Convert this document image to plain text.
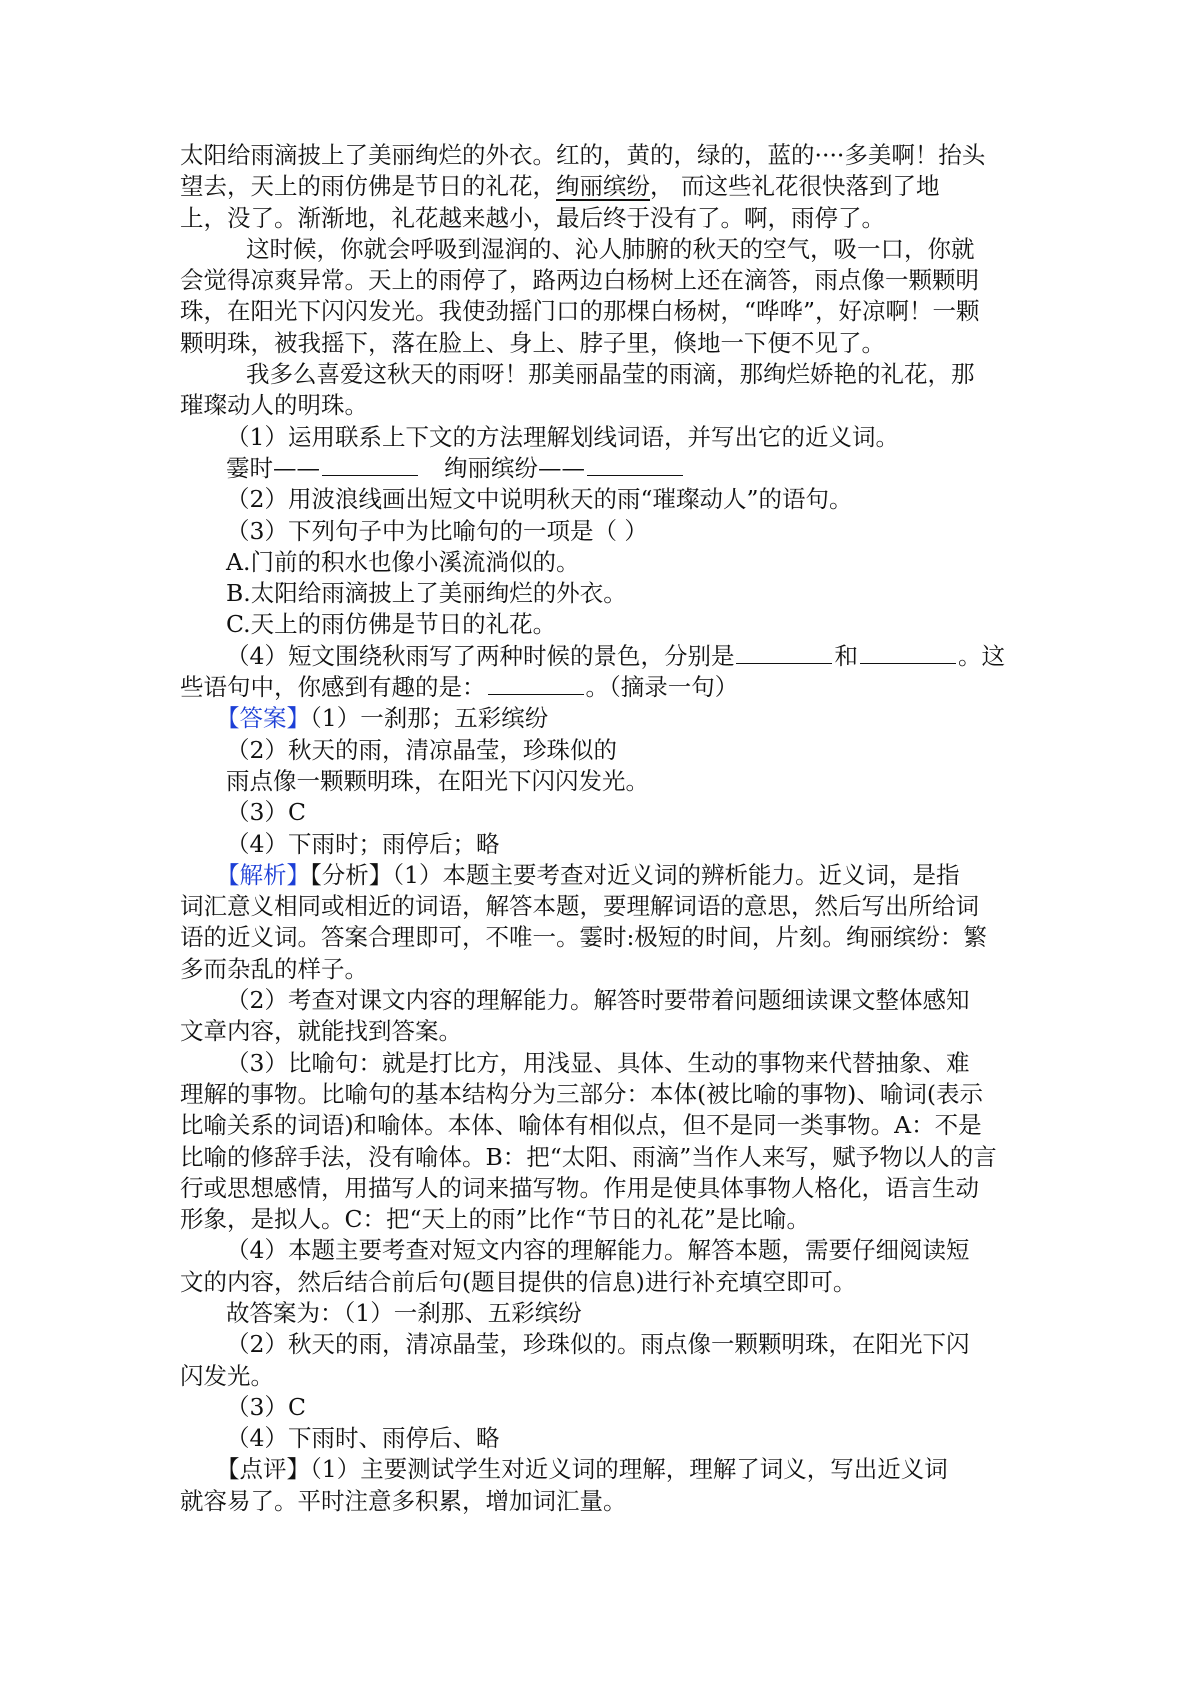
太阳给雨滴披上了美丽绚烂的外衣。红的，黄的，绿的，蓝的····多美啊！抬头

望去，天上的雨仿佛是节日的礼花，绚丽缤纷， 而这些礼花很快落到了地

上，没了。渐渐地，礼花越来越小，最后终于没有了。啊，雨停了。

这时候，你就会呼吸到湿润的、沁人肺腑的秋天的空气，吸一口，你就

会觉得凉爽异常。天上的雨停了，路两边白杨树上还在滴答，雨点像一颗颗明

珠，在阳光下闪闪发光。我使劲摇门口的那棵白杨树，“哗哗”，好凉啊！一颗

颗明珠，被我摇下，落在脸上、身上、脖子里，倏地一下便不见了。

我多么喜爱这秋天的雨呀！那美丽晶莹的雨滴，那绚烂娇艳的礼花，那

璀璨动人的明珠。

（1）运用联系上下文的方法理解划线词语，并写出它的近义词。

霎时——	绚丽缤纷——

（2）用波浪线画出短文中说明秋天的雨“璀璨动人”的语句。

（3）下列句子中为比喻句的一项是（ ）

A.门前的积水也像小溪流淌似的。

B.太阳给雨滴披上了美丽绚烂的外衣。

C.天上的雨仿佛是节日的礼花。

（4）短文围绕秋雨写了两种时候的景色，分别是	和	。这

些语句中，你感到有趣的是：	。（摘录一句）

【答案】（1）一刹那；五彩缤纷

（2）秋天的雨，清凉晶莹，珍珠似的

雨点像一颗颗明珠，在阳光下闪闪发光。

（3）C

（4）下雨时；雨停后；略

【解析】【分析】（1）本题主要考查对近义词的辨析能力。近义词，是指

词汇意义相同或相近的词语，解答本题，要理解词语的意思，然后写出所给词

语的近义词。答案合理即可，不唯一。霎时:极短的时间，片刻。绚丽缤纷：繁

多而杂乱的样子。

（2）考查对课文内容的理解能力。解答时要带着问题细读课文整体感知

文章内容，就能找到答案。

（3）比喻句：就是打比方，用浅显、具体、生动的事物来代替抽象、难

理解的事物。比喻句的基本结构分为三部分：本体(被比喻的事物)、喻词(表示

比喻关系的词语)和喻体。本体、喻体有相似点，但不是同一类事物。A：不是

比喻的修辞手法，没有喻体。B：把“太阳、雨滴”当作人来写，赋予物以人的言

行或思想感情，用描写人的词来描写物。作用是使具体事物人格化，语言生动

形象，是拟人。C：把“天上的雨”比作“节日的礼花”是比喻。

（4）本题主要考查对短文内容的理解能力。解答本题，需要仔细阅读短

文的内容，然后结合前后句(题目提供的信息)进行补充填空即可。

故答案为：（1）一刹那、五彩缤纷

（2）秋天的雨，清凉晶莹，珍珠似的。雨点像一颗颗明珠，在阳光下闪

闪发光。

（3）C

（4）下雨时、雨停后、略

【点评】（1）主要测试学生对近义词的理解，理解了词义，写出近义词

就容易了。平时注意多积累，增加词汇量。
